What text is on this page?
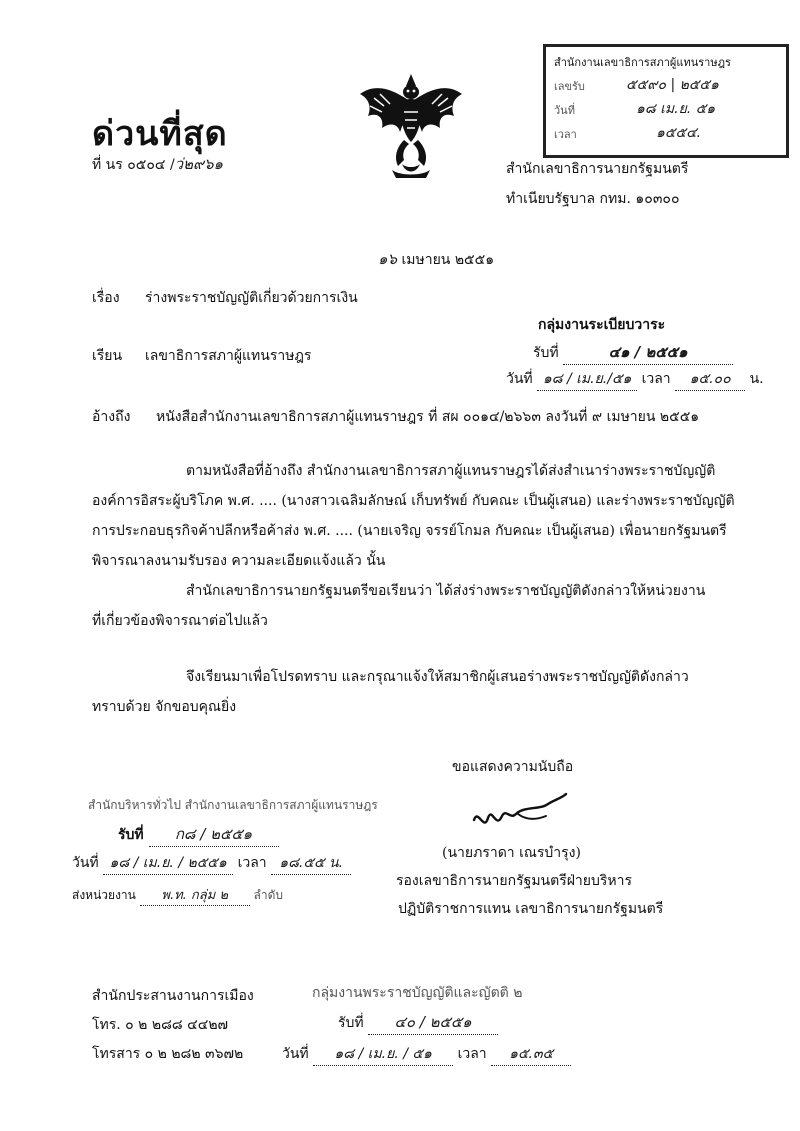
สำนักงานเลขาธิการสภาผู้แทนราษฎร
เลขรับ	๕๕๙๐ | ๒๕๕๑
วันที่	๑๘ เม.ย. ๕๑
เวลา	๑๕๕๔.
ด่วนที่สุด
ที่ นร ๐๕๐๔ /ว่๒๙๖๑	สำนักเลขาธิการนายกรัฐมนตรี
ทำเนียบรัฐบาล กทม. ๑๐๓๐๐
๑๖ เมษายน ๒๕๕๑
เรื่อง ร่างพระราชบัญญัติเกี่ยวด้วยการเงิน
กลุ่มงานระเบียบวาระ
รับที่	๔๑ / ๒๕๕๑
วันที่ ๑๘ / เม.ย./๕๑ เวลา ๑๕.๐๐ น.
เรียน เลขาธิการสภาผู้แทนราษฎร
อ้างถึง หนังสือสำนักงานเลขาธิการสภาผู้แทนราษฎร ที่ สผ ๐๐๑๔/๒๖๖๓ ลงวันที่ ๙ เมษายน ๒๕๕๑
ตามหนังสือที่อ้างถึง สำนักงานเลขาธิการสภาผู้แทนราษฎรได้ส่งสำเนาร่างพระราชบัญญัติ
องค์การอิสระผู้บริโภค พ.ศ. .... (นางสาวเฉลิมลักษณ์ เก็บทรัพย์ กับคณะ เป็นผู้เสนอ) และร่างพระราชบัญญัติ
การประกอบธุรกิจค้าปลีกหรือค้าส่ง พ.ศ. .... (นายเจริญ จรรย์โกมล กับคณะ เป็นผู้เสนอ) เพื่อนายกรัฐมนตรี
พิจารณาลงนามรับรอง ความละเอียดแจ้งแล้ว นั้น
สำนักเลขาธิการนายกรัฐมนตรีขอเรียนว่า ได้ส่งร่างพระราชบัญญัติดังกล่าวให้หน่วยงาน
ที่เกี่ยวข้องพิจารณาต่อไปแล้ว
จึงเรียนมาเพื่อโปรดทราบ และกรุณาแจ้งให้สมาชิกผู้เสนอร่างพระราชบัญญัติดังกล่าว
ทราบด้วย จักขอบคุณยิ่ง
ขอแสดงความนับถือ
(นายภราดา เณรบำรุง)
รองเลขาธิการนายกรัฐมนตรีฝ่ายบริหาร
ปฏิบัติราชการแทน เลขาธิการนายกรัฐมนตรี
สำนักบริหารทั่วไป สำนักงานเลขาธิการสภาผู้แทนราษฎร
รับที่ ก๘ / ๒๕๕๑
วันที่ ๑๘ / เม.ย. / ๒๕๕๑ เวลา ๑๘.๕๕ น.
ส่งหน่วยงาน พ.ท. กลุ่ม ๒ ลำดับ
สำนักประสานงานการเมือง
โทร. ๐ ๒ ๒๘๘ ๔๔๒๗
โทรสาร ๐ ๒ ๒๘๒ ๓๖๗๒
กลุ่มงานพระราชบัญญัติและญัตติ ๒
รับที่ ๔๐ / ๒๕๕๑
วันที่ ๑๘ / เม.ย. / ๕๑ เวลา ๑๕.๓๕
